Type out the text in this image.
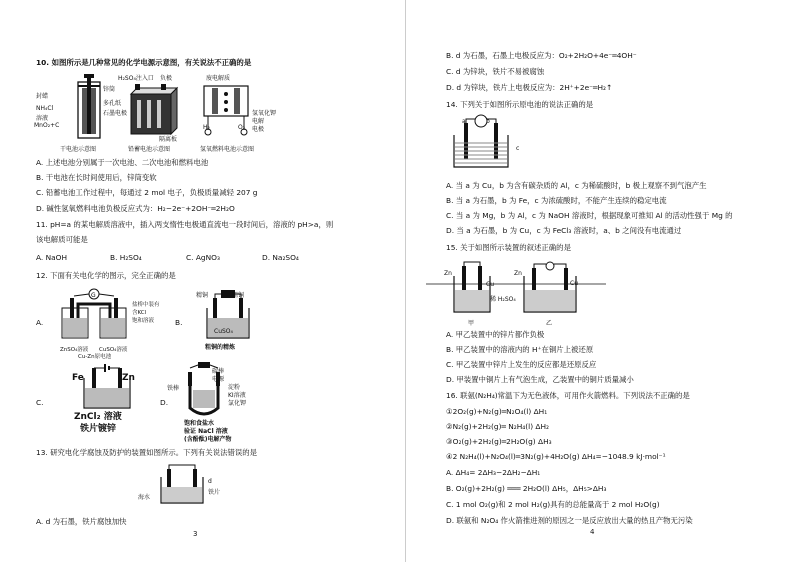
10. 如图所示是几种常见的化学电源示意图，有关说法不正确的是
封蜡
NH₄Cl
溶液
MnO₂+C
锌筒
多孔纸
石墨电极
H₂SO₄注入口 负极
隔离板
废电解质
H₂	O₂
氢氧化钾
电解
电极
干电池示意图	铅蓄电池示意图	氢氧燃料电池示意图
A. 上述电池分别属于一次电池、二次电池和燃料电池
B. 干电池在长时间使用后，锌筒变软
C. 铅蓄电池工作过程中，每通过 2 mol 电子，负极质量减轻 207 g
D. 碱性氢氧燃料电池负极反应式为：H₂−2e⁻+2OH⁻═2H₂O
11. pH=a 的某电解质溶液中，插入两支惰性电极通直流电一段时间后，溶液的 pH>a，则
该电解质可能是
A. NaOH	B. H₂SO₄	C. AgNO₃	D. Na₂SO₄
12. 下面有关电化学的图示，完全正确的是
A.
G
ZnSO₄溶液 CuSO₄溶液
Cu-Zn原电池
盐桥中装有
含KCl
饱和溶液	B.
精铜	粗铜
CuSO₄
粗铜的精炼
C.
Fe	Zn
ZnCl₂ 溶液
铁片镀锌
D.
铁棒
碳棒
电源
淀粉
KI溶液
氯化钾
饱和食盐水
验证 NaCl 溶液
(含酚酞)电解产物
13. 研究电化学腐蚀及防护的装置如图所示。下列有关说法错误的是
d
铁片
海水
A. d 为石墨，铁片腐蚀加快
3
B. d 为石墨，石墨上电极反应为：O₂+2H₂O+4e⁻═4OH⁻
C. d 为锌块，铁片不易被腐蚀
D. d 为锌块，铁片上电极反应为：2H⁺+2e⁻═H₂↑
14. 下列关于如图所示原电池的说法正确的是
a	b
c
A. 当 a 为 Cu，b 为含有碳杂质的 Al，c 为稀硫酸时，b 极上观察不到气泡产生
B. 当 a 为石墨，b 为 Fe，c 为浓硫酸时，不能产生连续的稳定电流
C. 当 a 为 Mg，b 为 Al，c 为 NaOH 溶液时，根据现象可推知 Al 的活动性强于 Mg 的
D. 当 a 为石墨，b 为 Cu，c 为 FeCl₃ 溶液时，a、b 之间没有电流通过
15. 关于如图所示装置的叙述正确的是
Zn
Cu
Zn
Cu
稀 H₂SO₄
甲	乙
A. 甲乙装置中的锌片都作负极
B. 甲乙装置中的溶液内的 H⁺在铜片上被还原
C. 甲乙装置中锌片上发生的反应都是还原反应
D. 甲装置中铜片上有气泡生成，乙装置中的铜片质量减小
16. 联氨(N₂H₄)常温下为无色液体，可用作火箭燃料。下列说法不正确的是
①2O₂(g)+N₂(g)═N₂O₄(l) ΔH₁
②N₂(g)+2H₂(g)═ N₂H₄(l) ΔH₂
③O₂(g)+2H₂(g)═2H₂O(g) ΔH₃
④2 N₂H₄(l)+N₂O₄(l)═3N₂(g)+4H₂O(g) ΔH₄=−1048.9 kJ·mol⁻¹
A. ΔH₄= 2ΔH₃−2ΔH₂−ΔH₁
B. O₂(g)+2H₂(g) ═══ 2H₂O(l) ΔH₅，ΔH₅>ΔH₃
C. 1 mol O₂(g)和 2 mol H₂(g)具有的总能量高于 2 mol H₂O(g)
D. 联氨和 N₂O₄ 作火箭推进剂的原因之一是反应放出大量的热且产物无污染
4
